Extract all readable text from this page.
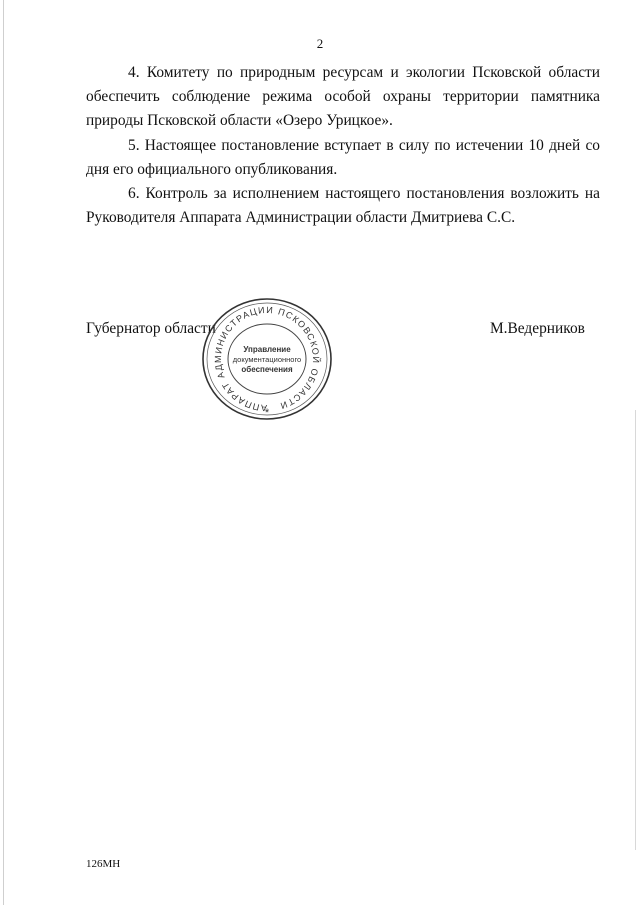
2

4. Комитету по природным ресурсам и экологии Псковской области обеспечить соблюдение режима особой охраны территории памятника природы Псковской области «Озеро Урицкое».

5. Настоящее постановление вступает в силу по истечении 10 дней со дня его официального опубликования.

6. Контроль за исполнением настоящего постановления возложить на Руководителя Аппарата Администрации области Дмитриева С.С.

Губернатор области	М.Ведерников
АППАРАТ АДМИНИСТРАЦИИ ПСКОВСКОЙ ОБЛАСТИ
Управление
документационного
обеспечения
*
126МН
